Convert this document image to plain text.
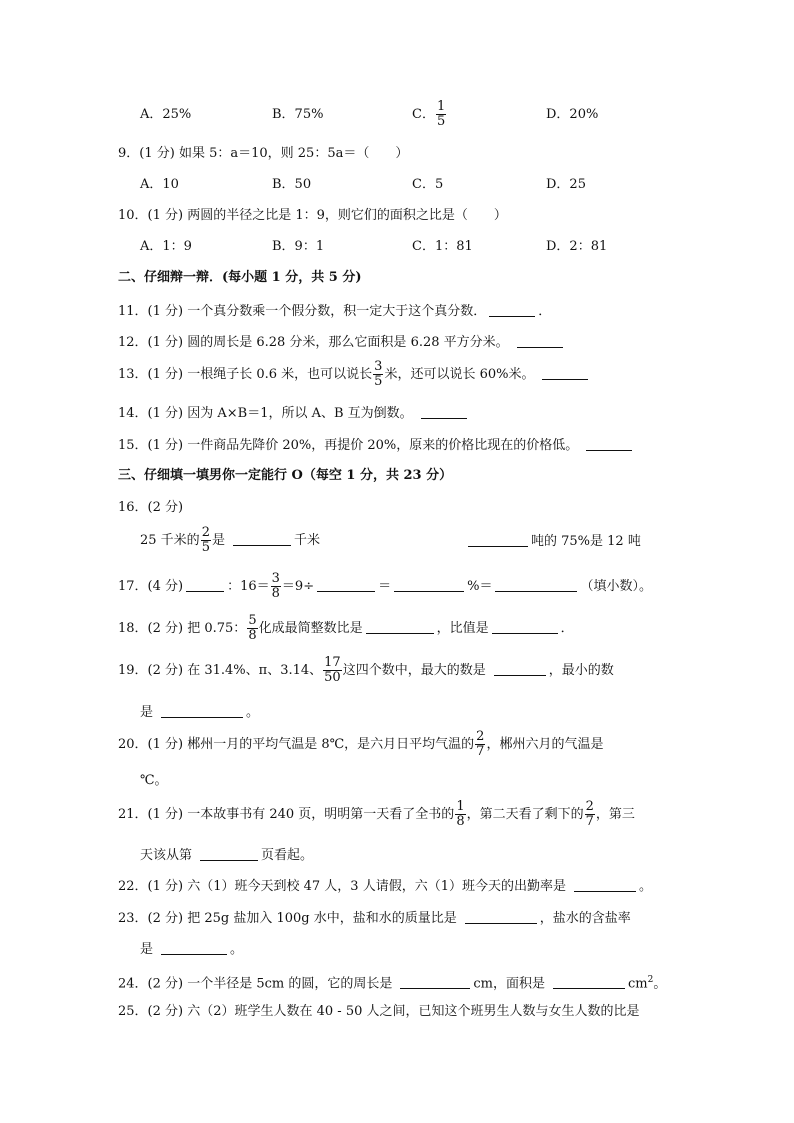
A．25%	B．75%	C． $\frac{1}{5}$	D．20%
9．(1 分) 如果 5：a＝10，则 25：5a＝（　　）
A．10	B．50	C．5	D．25
10．(1 分) 两圆的半径之比是 1：9，则它们的面积之比是（　　）
A．1：9	B．9：1	C．1：81	D．2：81
二、仔细辩一辩．(每小题 1 分，共 5 分)
11．(1 分) 一个真分数乘一个假分数，积一定大于这个真分数．	．
12．(1 分) 圆的周长是 6.28 分米，那么它面积是 6.28 平方分米。
13．(1 分) 一根绳子长 0.6 米，也可以说长 $\frac{3}{5}$ 米，还可以说长 60%米。
14．(1 分) 因为 A×B＝1，所以 A、B 互为倒数。
15．(1 分) 一件商品先降价 20%，再提价 20%，原来的价格比现在的价格低。
三、仔细填一填男你一定能行 O（每空 1 分，共 23 分）
16．(2 分)
25 千米的 $\frac{2}{5}$ 是	千米	吨的 75%是 12 吨
17．(4 分)	：$16= \frac{3}{8} =9\div$	＝	%＝	（填小数）。
18．(2 分) 把 0.75： $\frac{5}{8}$ 化成最简整数比是	，比值是	．
19．(2 分) 在 31.4%、π、3.14、 $\frac{17}{50}$ 这四个数中，最大的数是	，最小的数
是	。
20．(1 分) 郴州一月的平均气温是 8℃，是六月日平均气温的 $\frac{2}{7}$ ，郴州六月的气温是
℃。
21．(1 分) 一本故事书有 240 页，明明第一天看了全书的 $\frac{1}{8}$ ，第二天看了剩下的 $\frac{2}{7}$ ，第三
天该从第	页看起。
22．(1 分) 六（1）班今天到校 47 人，3 人请假，六（1）班今天的出勤率是	。
23．(2 分) 把 25g 盐加入 100g 水中，盐和水的质量比是	，盐水的含盐率
是	。
24．(2 分) 一个半径是 5cm 的圆，它的周长是	cm，面积是	$cm^2$。
25．(2 分) 六（2）班学生人数在 40 - 50 人之间，已知这个班男生人数与女生人数的比是
